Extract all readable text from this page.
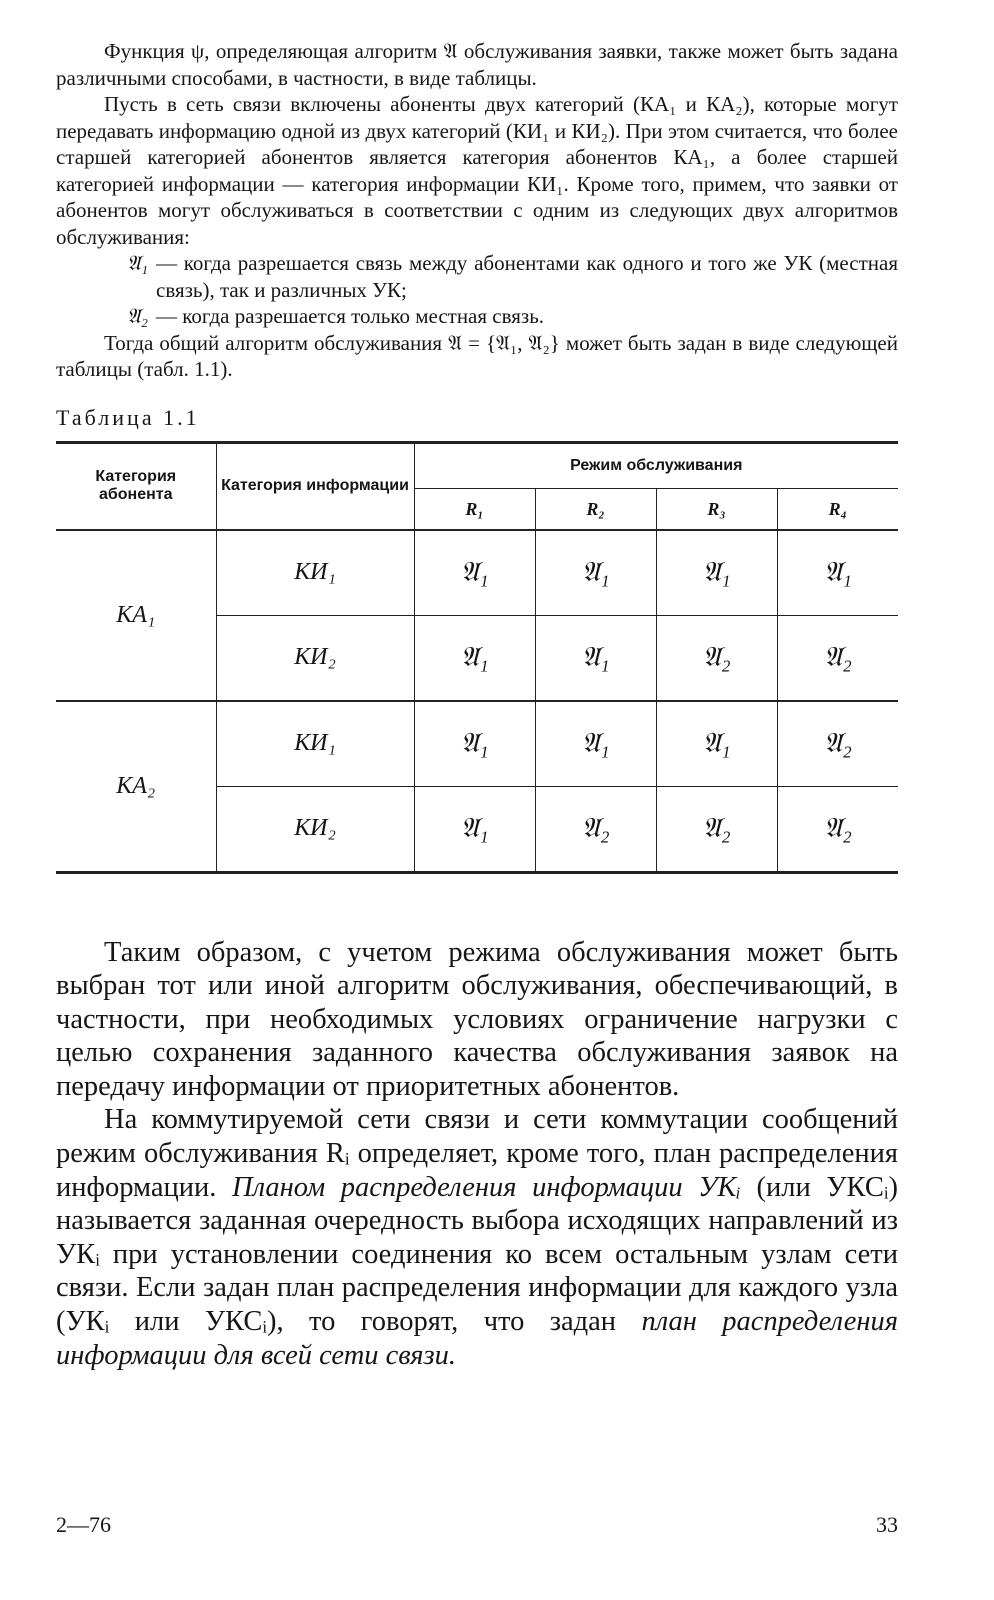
Функция ψ, определяющая алгоритм 𝔄 обслуживания заявки, также может быть задана различными способами, в частности, в виде таблицы.

Пусть в сеть связи включены абоненты двух категорий (КА₁ и КА₂), которые могут передавать информацию одной из двух категорий (КИ₁ и КИ₂). При этом считается, что более старшей категорией абонентов является категория абонентов КА₁, а более старшей категорией информации — категория информации КИ₁. Кроме того, примем, что заявки от абонентов могут обслуживаться в соответствии с одним из следующих двух алгоритмов обслуживания:

𝔄₁ — когда разрешается связь между абонентами как одного и того же УК (местная связь), так и различных УК;
𝔄₂ — когда разрешается только местная связь.

Тогда общий алгоритм обслуживания 𝔄 = {𝔄₁, 𝔄₂} может быть задан в виде следующей таблицы (табл. 1.1).

Таблица 1.1
Категория абонента	Категория информации	Режим обслуживания			
		R₁	R₂	R₃	R₄
КА₁	КИ₁	𝔄₁	𝔄₁	𝔄₁	𝔄₁
	КИ₂	𝔄₁	𝔄₁	𝔄₂	𝔄₂
КА₂	КИ₁	𝔄₁	𝔄₁	𝔄₁	𝔄₂
	КИ₂	𝔄₁	𝔄₂	𝔄₂	𝔄₂

Таким образом, с учетом режима обслуживания может быть выбран тот или иной алгоритм обслуживания, обеспечивающий, в частности, при необходимых условиях ограничение нагрузки с целью сохранения заданного качества обслуживания заявок на передачу информации от приоритетных абонентов.

На коммутируемой сети связи и сети коммутации сообщений режим обслуживания Rᵢ определяет, кроме того, план распределения информации. Планом распределения информации УКᵢ (или УКСᵢ) называется заданная очередность выбора исходящих направлений из УКᵢ при установлении соединения ко всем остальным узлам сети связи. Если задан план распределения информации для каждого узла (УКᵢ или УКСᵢ), то говорят, что задан план распределения информации для всей сети связи.

2—76	33
